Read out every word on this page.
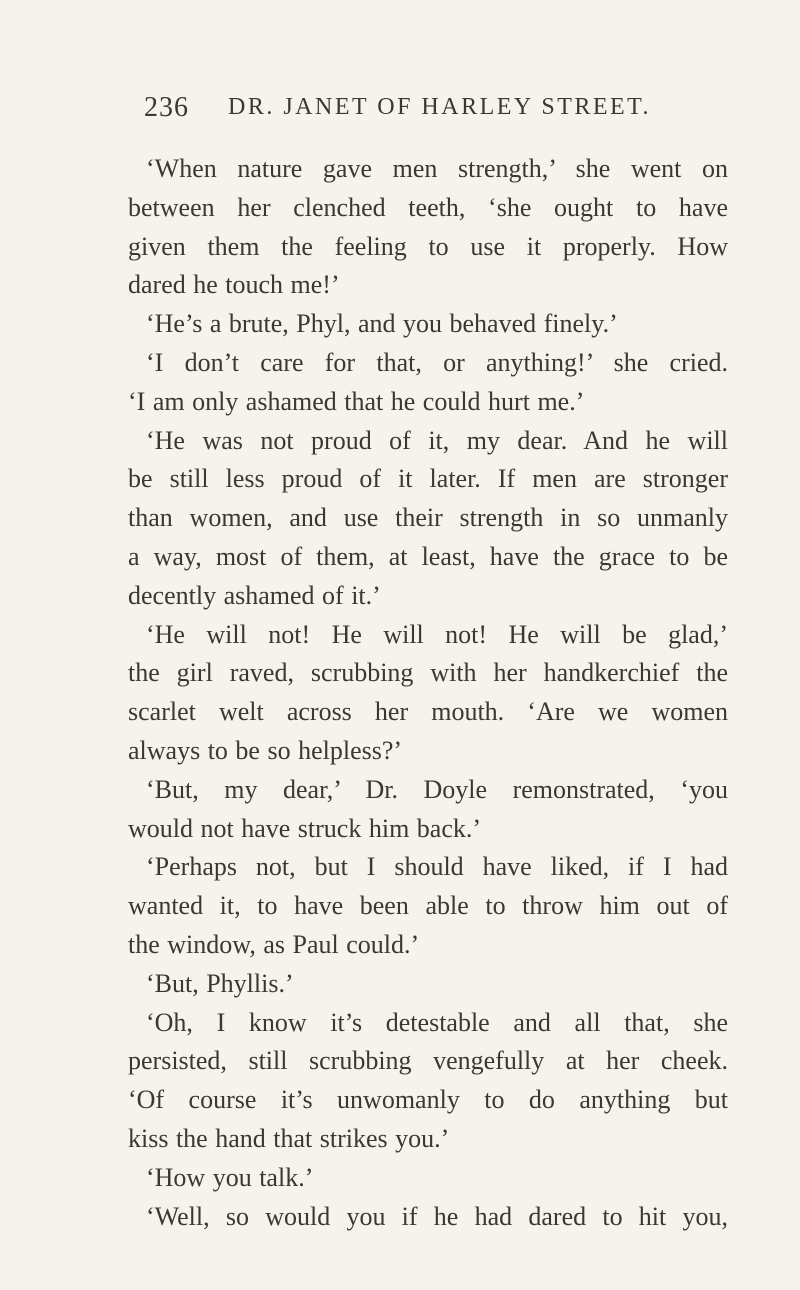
236 DR. JANET OF HARLEY STREET.
‘When nature gave men strength,’ she went on
between her clenched teeth, ‘she ought to have
given them the feeling to use it properly. How
dared he touch me!’
‘He’s a brute, Phyl, and you behaved finely.’
‘I don’t care for that, or anything!’ she cried.
‘I am only ashamed that he could hurt me.’
‘He was not proud of it, my dear. And he will
be still less proud of it later. If men are stronger
than women, and use their strength in so unmanly
a way, most of them, at least, have the grace to be
decently ashamed of it.’
‘He will not! He will not! He will be glad,’
the girl raved, scrubbing with her handkerchief the
scarlet welt across her mouth. ‘Are we women
always to be so helpless?’
‘But, my dear,’ Dr. Doyle remonstrated, ‘you
would not have struck him back.’
‘Perhaps not, but I should have liked, if I had
wanted it, to have been able to throw him out of
the window, as Paul could.’
‘But, Phyllis.’
‘Oh, I know it’s detestable and all that, she
persisted, still scrubbing vengefully at her cheek.
‘Of course it’s unwomanly to do anything but
kiss the hand that strikes you.’
‘How you talk.’
‘Well, so would you if he had dared to hit you,
